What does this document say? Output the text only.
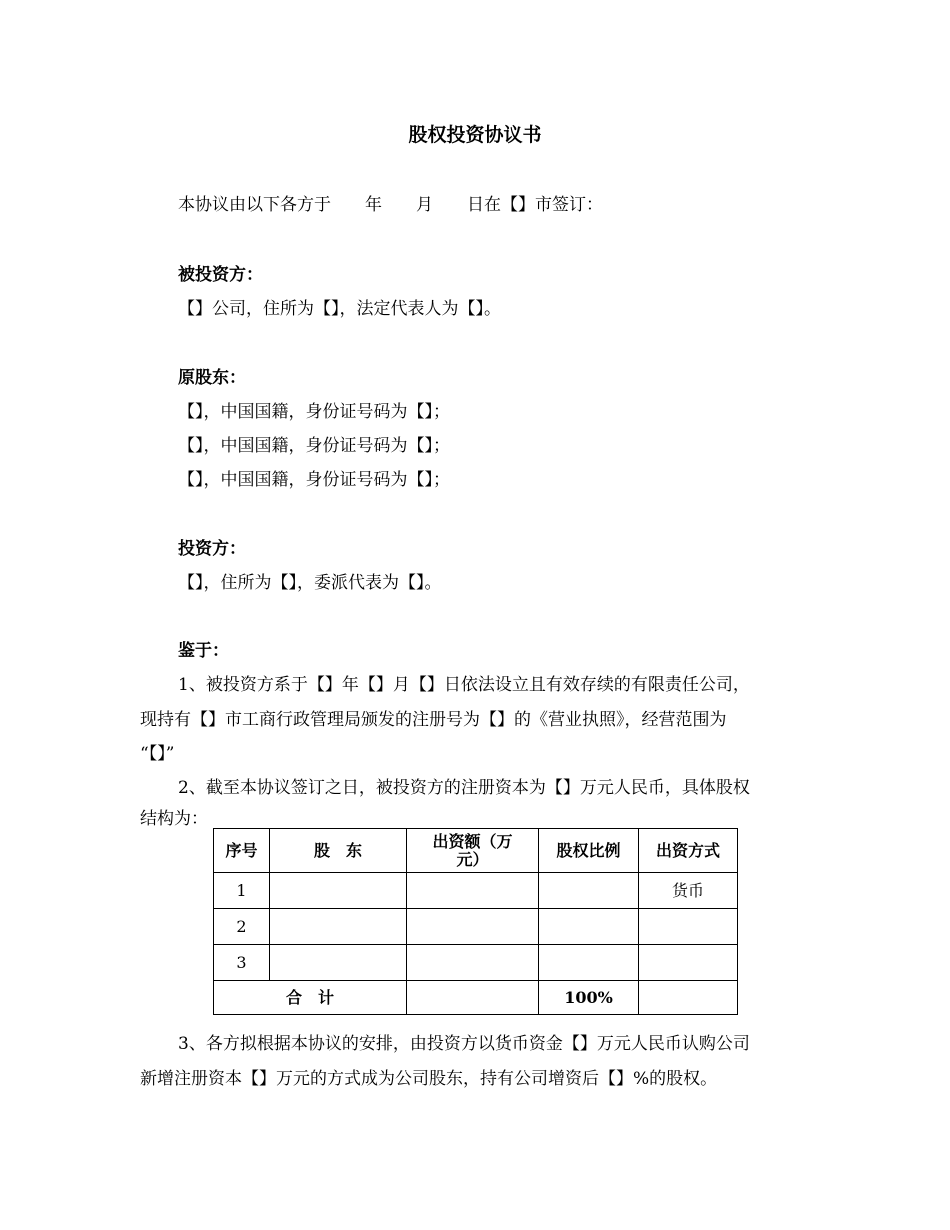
股权投资协议书
本协议由以下各方于　　年　　月　　日在【】市签订：
被投资方：
【】公司，住所为【】，法定代表人为【】。
原股东：
【】，中国国籍，身份证号码为【】；
【】，中国国籍，身份证号码为【】；
【】，中国国籍，身份证号码为【】；
投资方：
【】，住所为【】，委派代表为【】。
鉴于：
1、被投资方系于【】年【】月【】日依法设立且有效存续的有限责任公司，
现持有【】市工商行政管理局颁发的注册号为【】的《营业执照》，经营范围为
“【】”
2、截至本协议签订之日，被投资方的注册资本为【】万元人民币，具体股权
结构为：
序号	股　东	出资额（万元）	股权比例	出资方式
1				货币
2				
3				
合　计			100%	
3、各方拟根据本协议的安排，由投资方以货币资金【】万元人民币认购公司
新增注册资本【】万元的方式成为公司股东，持有公司增资后【】%的股权。
